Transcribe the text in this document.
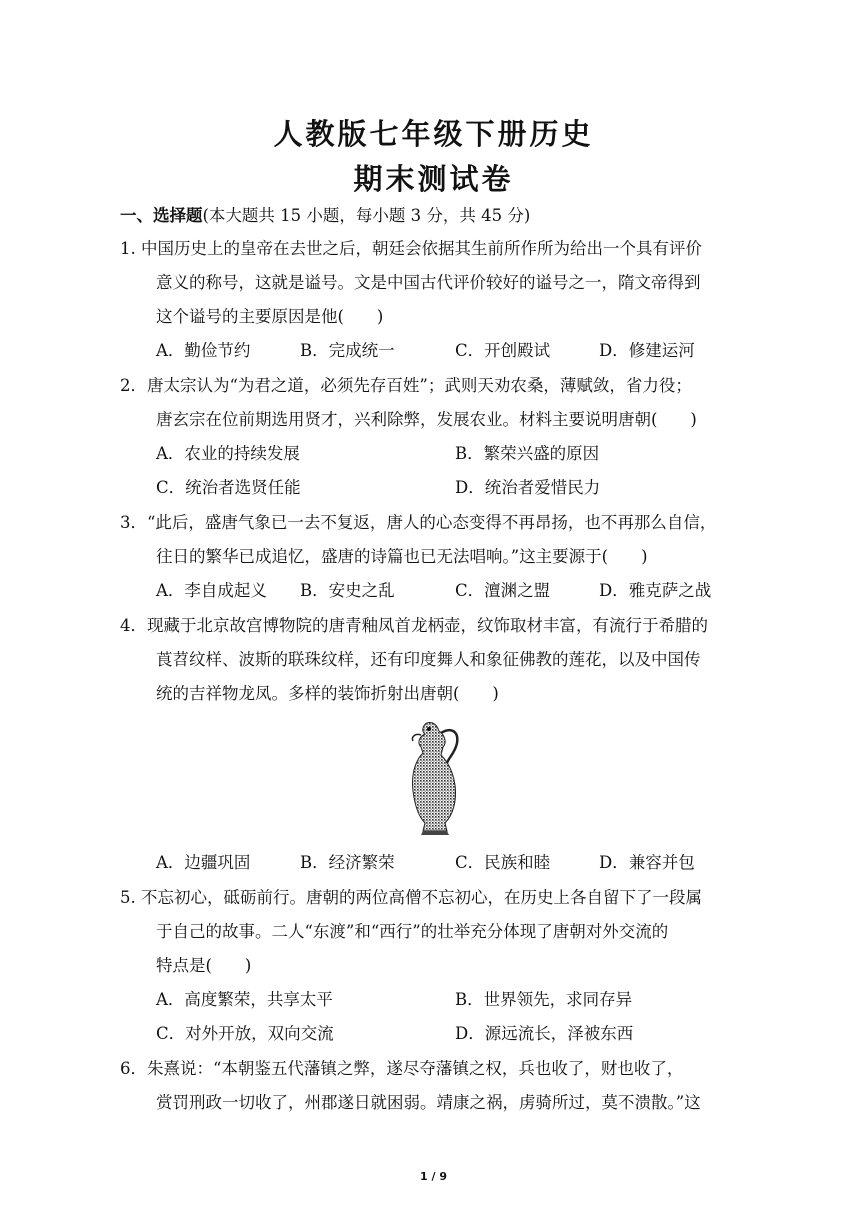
人教版七年级下册历史
期末测试卷
一、选择题(本大题共 15 小题，每小题 3 分，共 45 分)
1. 中国历史上的皇帝在去世之后，朝廷会依据其生前所作所为给出一个具有评价
意义的称号，这就是谥号。文是中国古代评价较好的谥号之一，隋文帝得到
这个谥号的主要原因是他(　　)
A．勤俭节约	B．完成统一	C．开创殿试	D．修建运河
2．唐太宗认为“为君之道，必须先存百姓”；武则天劝农桑，薄赋敛，省力役；
唐玄宗在位前期选用贤才，兴利除弊，发展农业。材料主要说明唐朝(　　)
A．农业的持续发展	B．繁荣兴盛的原因
C．统治者选贤任能	D．统治者爱惜民力
3．“此后，盛唐气象已一去不复返，唐人的心态变得不再昂扬，也不再那么自信，
往日的繁华已成追忆，盛唐的诗篇也已无法唱响。”这主要源于(　　)
A．李自成起义 B．安史之乱	C．澶渊之盟	D．雅克萨之战
4．现藏于北京故宫博物院的唐青釉凤首龙柄壶，纹饰取材丰富，有流行于希腊的
莨苕纹样、波斯的联珠纹样，还有印度舞人和象征佛教的莲花，以及中国传
统的吉祥物龙凤。多样的装饰折射出唐朝(　　)
A．边疆巩固	B．经济繁荣	C．民族和睦	D．兼容并包
5. 不忘初心，砥砺前行。唐朝的两位高僧不忘初心，在历史上各自留下了一段属
于自己的故事。二人“东渡”和“西行”的壮举充分体现了唐朝对外交流的
特点是(　　)
A．高度繁荣，共享太平	B．世界领先，求同存异
C．对外开放，双向交流	D．源远流长，泽被东西
6．朱熹说：“本朝鉴五代藩镇之弊，遂尽夺藩镇之权，兵也收了，财也收了，
赏罚刑政一切收了，州郡遂日就困弱。靖康之祸，虏骑所过，莫不溃散。”这
1 / 9
